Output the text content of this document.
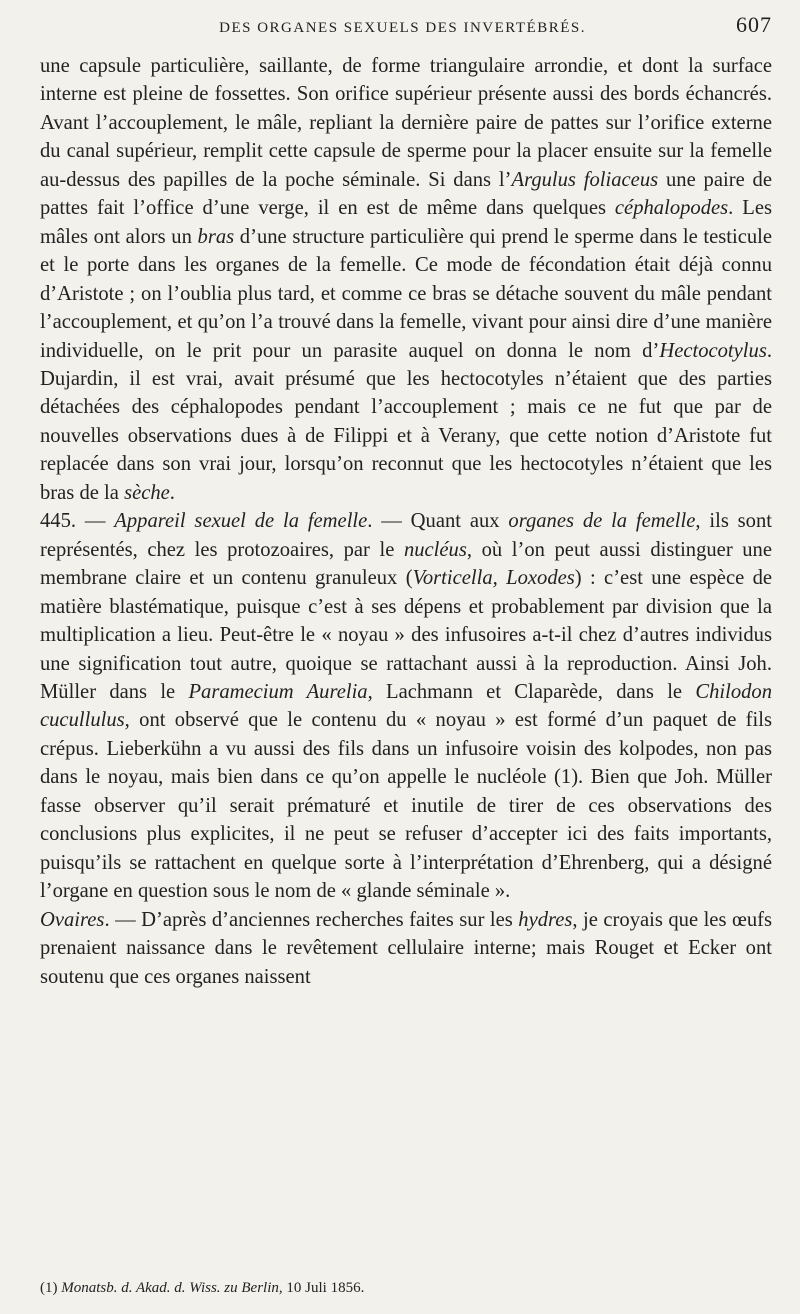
DES ORGANES SEXUELS DES INVERTÉBRÉS.	607

une capsule particulière, saillante, de forme triangulaire arrondie, et dont la surface interne est pleine de fossettes. Son orifice supérieur présente aussi des bords échancrés. Avant l’accouplement, le mâle, repliant la dernière paire de pattes sur l’orifice externe du canal supérieur, remplit cette capsule de sperme pour la placer ensuite sur la femelle au-dessus des papilles de la poche séminale. Si dans l’Argulus foliaceus une paire de pattes fait l’office d’une verge, il en est de même dans quelques céphalopodes. Les mâles ont alors un bras d’une structure particulière qui prend le sperme dans le testicule et le porte dans les organes de la femelle. Ce mode de fécondation était déjà connu d’Aristote ; on l’oublia plus tard, et comme ce bras se détache souvent du mâle pendant l’accouplement, et qu’on l’a trouvé dans la femelle, vivant pour ainsi dire d’une manière individuelle, on le prit pour un parasite auquel on donna le nom d’Hectocotylus. Dujardin, il est vrai, avait présumé que les hectocotyles n’étaient que des parties détachées des céphalopodes pendant l’accouplement ; mais ce ne fut que par de nouvelles observations dues à de Filippi et à Verany, que cette notion d’Aristote fut replacée dans son vrai jour, lorsqu’on reconnut que les hectocotyles n’étaient que les bras de la sèche.

445. — Appareil sexuel de la femelle. — Quant aux organes de la femelle, ils sont représentés, chez les protozoaires, par le nucléus, où l’on peut aussi distinguer une membrane claire et un contenu granuleux (Vorticella, Loxodes) : c’est une espèce de matière blastématique, puisque c’est à ses dépens et probablement par division que la multiplication a lieu. Peut-être le « noyau » des infusoires a-t-il chez d’autres individus une signification tout autre, quoique se rattachant aussi à la reproduction. Ainsi Joh. Müller dans le Paramecium Aurelia, Lachmann et Claparède, dans le Chilodon cucullulus, ont observé que le contenu du « noyau » est formé d’un paquet de fils crépus. Lieberkühn a vu aussi des fils dans un infusoire voisin des kolpodes, non pas dans le noyau, mais bien dans ce qu’on appelle le nucléole (1). Bien que Joh. Müller fasse observer qu’il serait prématuré et inutile de tirer de ces observations des conclusions plus explicites, il ne peut se refuser d’accepter ici des faits importants, puisqu’ils se rattachent en quelque sorte à l’interprétation d’Ehrenberg, qui a désigné l’organe en question sous le nom de « glande séminale ».

Ovaires. — D’après d’anciennes recherches faites sur les hydres, je croyais que les œufs prenaient naissance dans le revêtement cellulaire interne; mais Rouget et Ecker ont soutenu que ces organes naissent

(1) Monatsb. d. Akad. d. Wiss. zu Berlin, 10 Juli 1856.
